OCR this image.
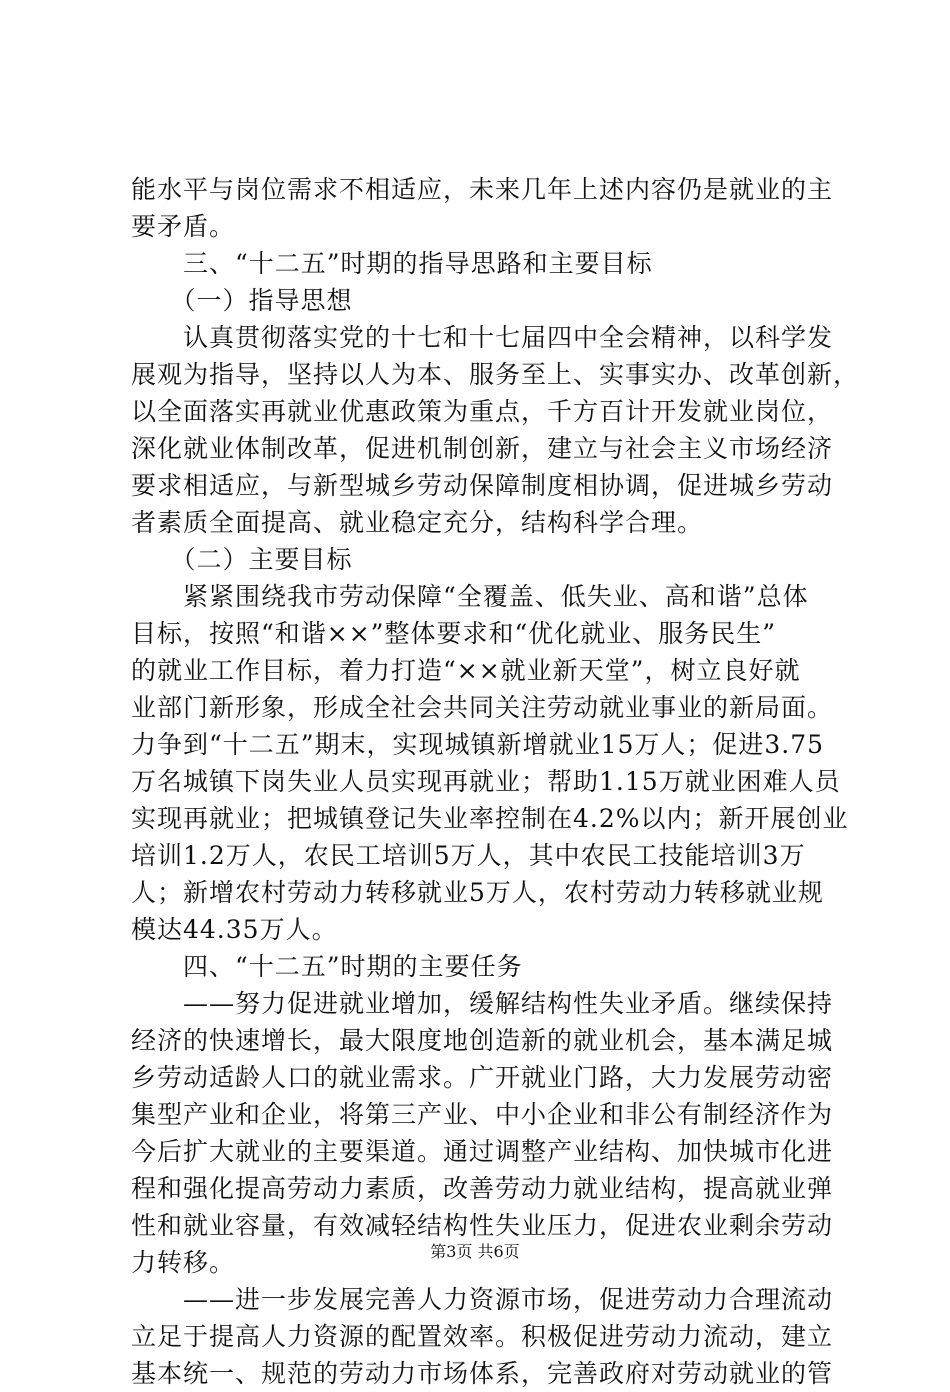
能水平与岗位需求不相适应，未来几年上述内容仍是就业的主
要矛盾。
　　三、“十二五”时期的指导思路和主要目标
　　（一）指导思想
　　认真贯彻落实党的十七和十七届四中全会精神，以科学发
展观为指导，坚持以人为本、服务至上、实事实办、改革创新，
以全面落实再就业优惠政策为重点，千方百计开发就业岗位，
深化就业体制改革，促进机制创新，建立与社会主义市场经济
要求相适应，与新型城乡劳动保障制度相协调，促进城乡劳动
者素质全面提高、就业稳定充分，结构科学合理。
　　（二）主要目标
　　紧紧围绕我市劳动保障“全覆盖、低失业、高和谐”总体
目标，按照“和谐××”整体要求和“优化就业、服务民生”
的就业工作目标，着力打造“××就业新天堂”，树立良好就
业部门新形象，形成全社会共同关注劳动就业事业的新局面。
力争到“十二五”期末，实现城镇新增就业15万人；促进3.75
万名城镇下岗失业人员实现再就业；帮助1.15万就业困难人员
实现再就业；把城镇登记失业率控制在4.2%以内；新开展创业
培训1.2万人，农民工培训5万人，其中农民工技能培训3万
人；新增农村劳动力转移就业5万人，农村劳动力转移就业规
模达44.35万人。
　　四、“十二五”时期的主要任务
　　——努力促进就业增加，缓解结构性失业矛盾。继续保持
经济的快速增长，最大限度地创造新的就业机会，基本满足城
乡劳动适龄人口的就业需求。广开就业门路，大力发展劳动密
集型产业和企业，将第三产业、中小企业和非公有制经济作为
今后扩大就业的主要渠道。通过调整产业结构、加快城市化进
程和强化提高劳动力素质，改善劳动力就业结构，提高就业弹
性和就业容量，有效减轻结构性失业压力，促进农业剩余劳动
力转移。
　　——进一步发展完善人力资源市场，促进劳动力合理流动
立足于提高人力资源的配置效率。积极促进劳动力流动，建立
基本统一、规范的劳动力市场体系，完善政府对劳动就业的管
第3页 共6页
